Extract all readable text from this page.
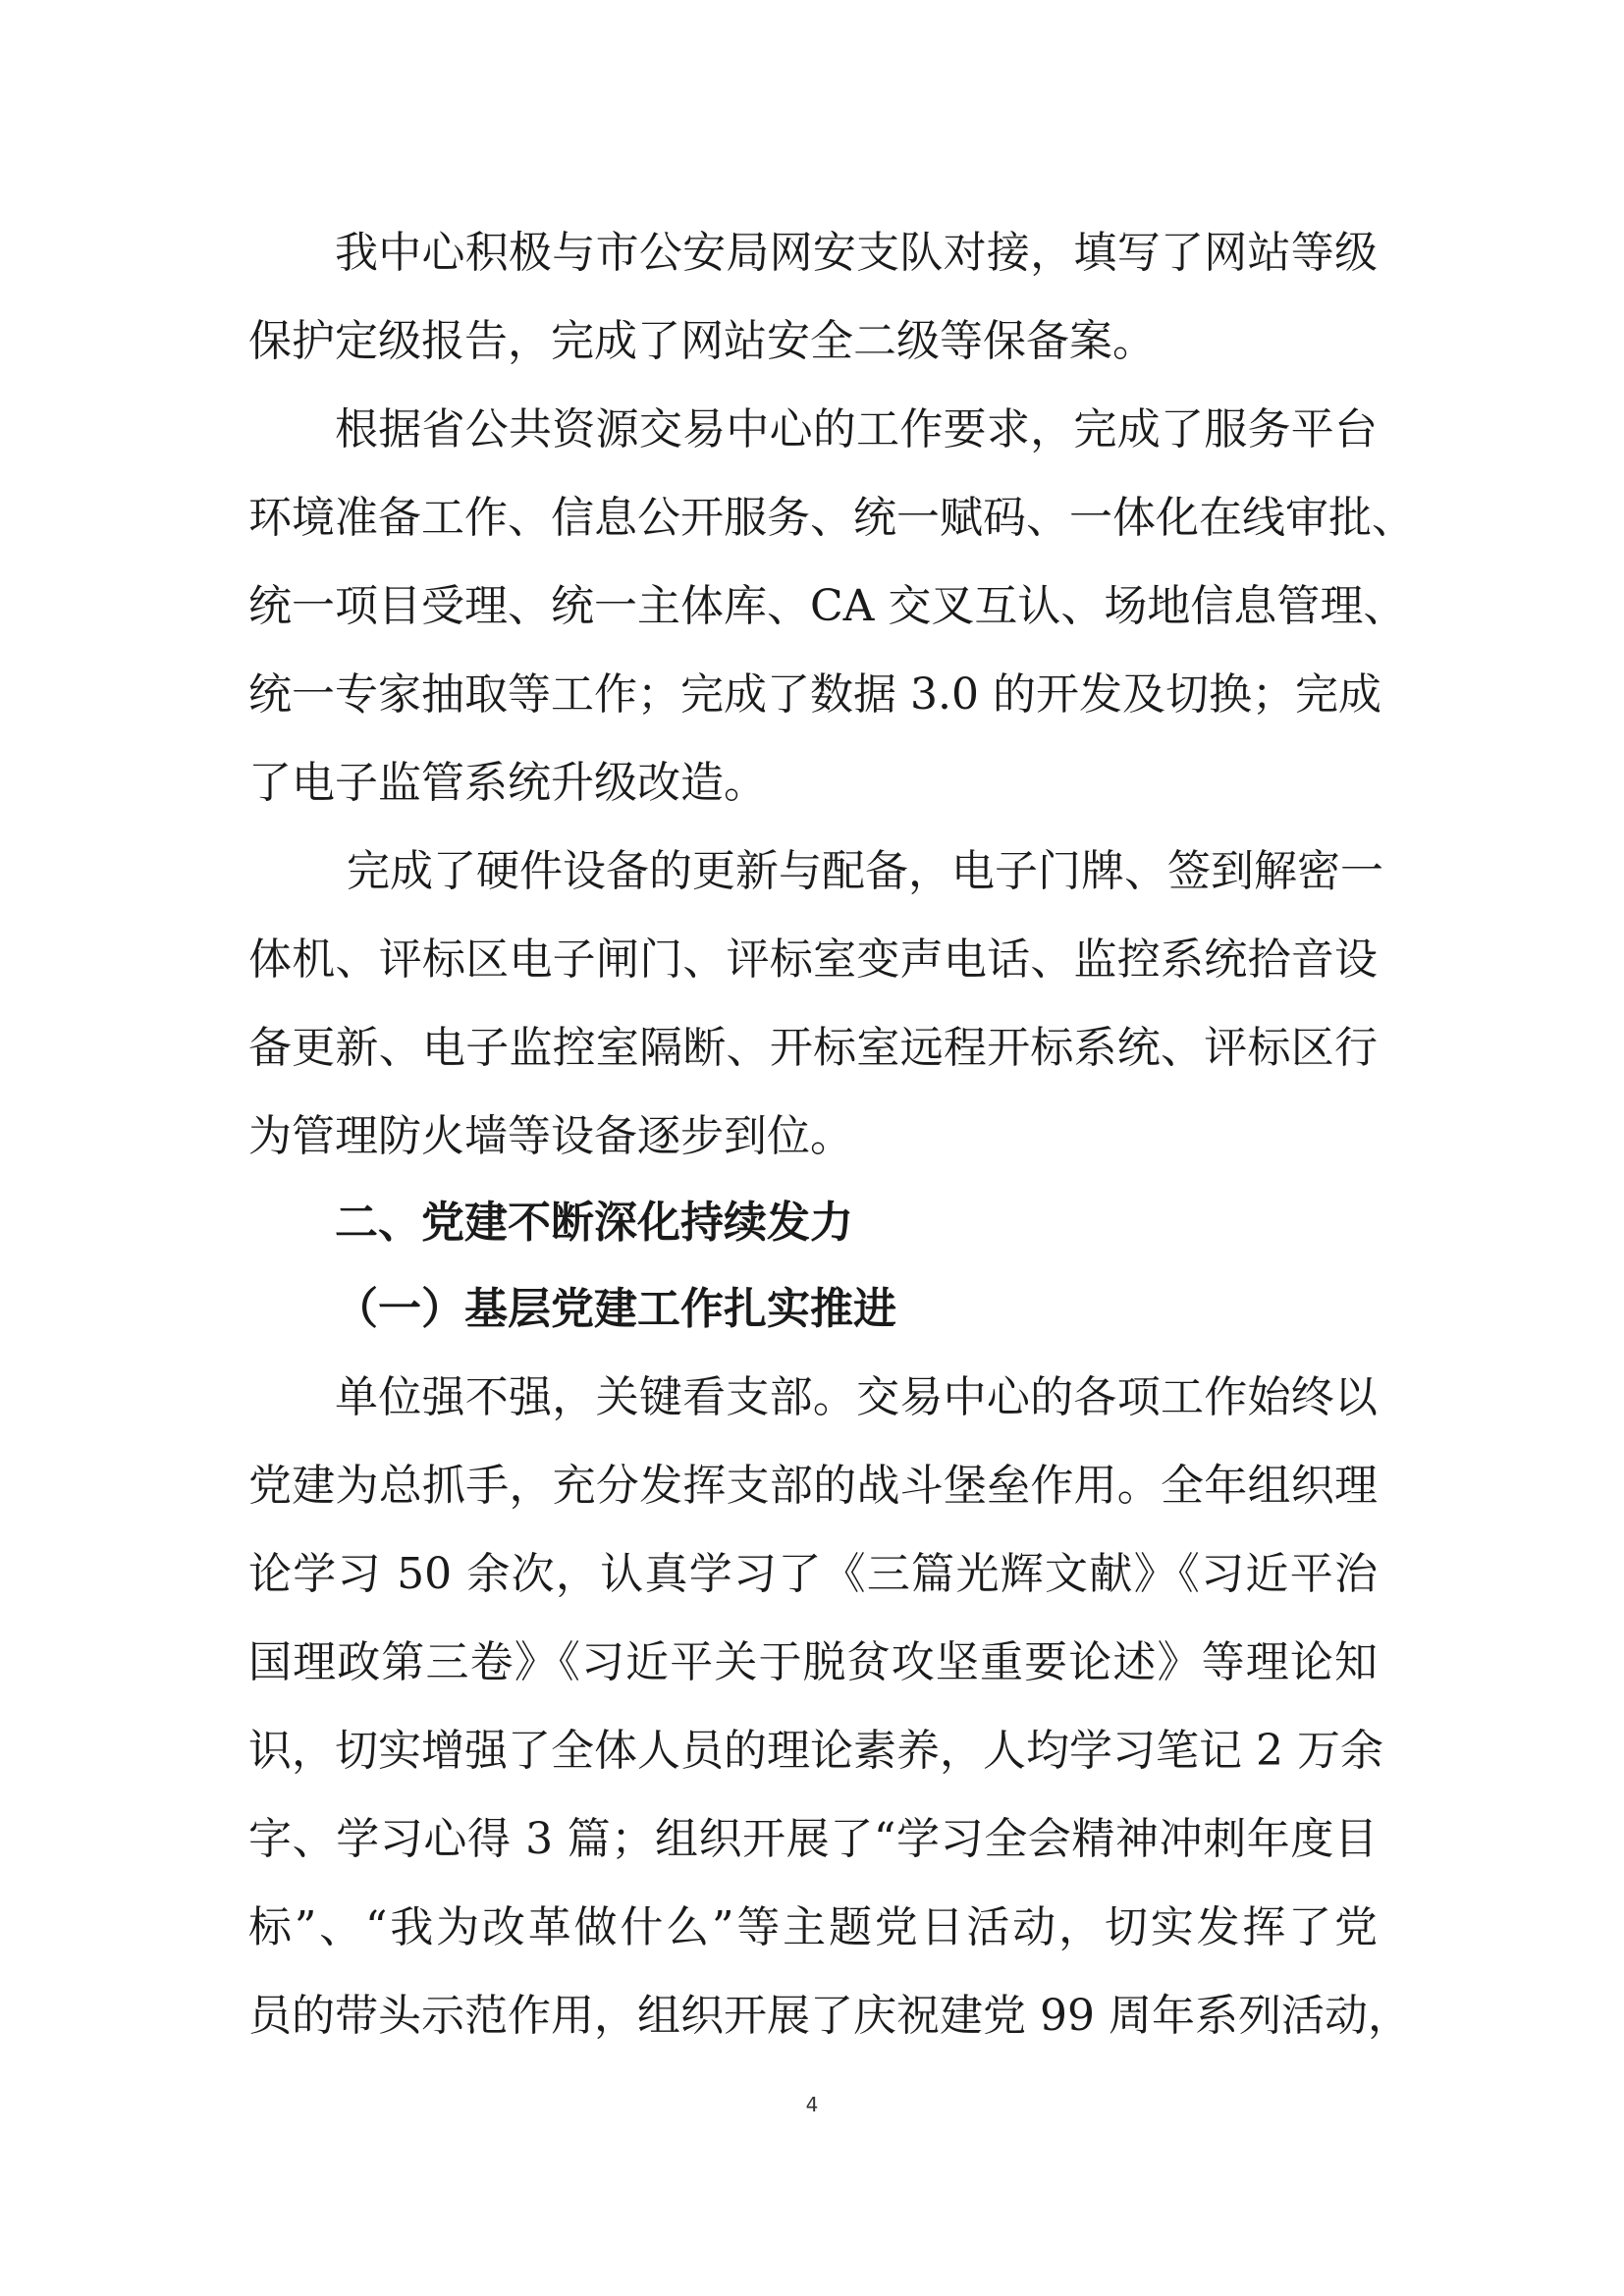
我中心积极与市公安局网安支队对接，填写了网站等级
保护定级报告，完成了网站安全二级等保备案。
根据省公共资源交易中心的工作要求，完成了服务平台
环境准备工作、信息公开服务、统一赋码、一体化在线审批、
统一项目受理、统一主体库、CA 交叉互认、场地信息管理、
统一专家抽取等工作；完成了数据 3.0 的开发及切换；完成
了电子监管系统升级改造。
完成了硬件设备的更新与配备，电子门牌、签到解密一
体机、评标区电子闸门、评标室变声电话、监控系统拾音设
备更新、电子监控室隔断、开标室远程开标系统、评标区行
为管理防火墙等设备逐步到位。
二、党建不断深化持续发力
（一）基层党建工作扎实推进
单位强不强，关键看支部。交易中心的各项工作始终以
党建为总抓手，充分发挥支部的战斗堡垒作用。全年组织理
论学习 50 余次，认真学习了《三篇光辉文献》《习近平治
国理政第三卷》《习近平关于脱贫攻坚重要论述》等理论知
识，切实增强了全体人员的理论素养，人均学习笔记 2 万余
字、学习心得 3 篇；组织开展了“学习全会精神冲刺年度目
标”、“我为改革做什么”等主题党日活动，切实发挥了党
员的带头示范作用，组织开展了庆祝建党 99 周年系列活动，
4
